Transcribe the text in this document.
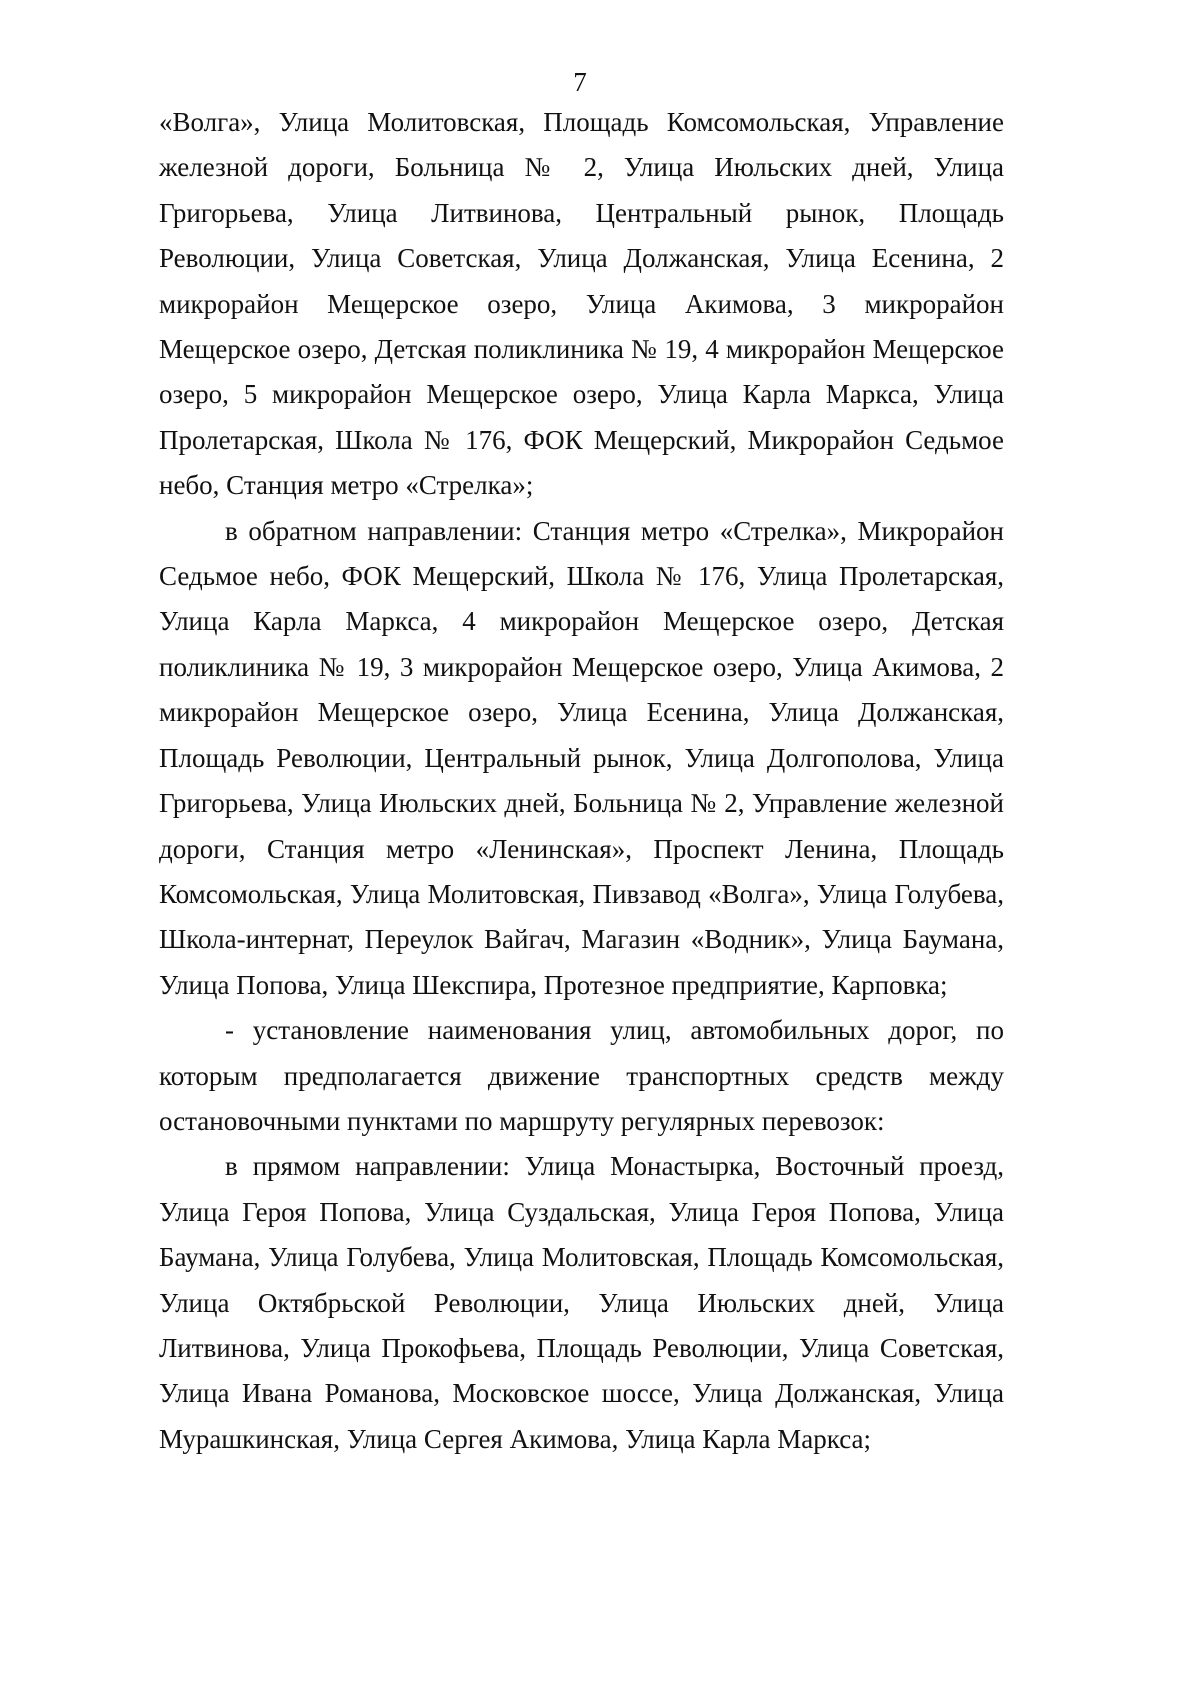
7

«Волга», Улица Молитовская, Площадь Комсомольская, Управление железной дороги, Больница № 2, Улица Июльских дней, Улица Григорьева, Улица Литвинова, Центральный рынок, Площадь Революции, Улица Советская, Улица Должанская, Улица Есенина, 2 микрорайон Мещерское озеро, Улица Акимова, 3 микрорайон Мещерское озеро, Детская поликлиника № 19, 4 микрорайон Мещерское озеро, 5 микрорайон Мещерское озеро, Улица Карла Маркса, Улица Пролетарская, Школа № 176, ФОК Мещерский, Микрорайон Седьмое небо, Станция метро «Стрелка»;

в обратном направлении: Станция метро «Стрелка», Микрорайон Седьмое небо, ФОК Мещерский, Школа № 176, Улица Пролетарская, Улица Карла Маркса, 4 микрорайон Мещерское озеро, Детская поликлиника № 19, 3 микрорайон Мещерское озеро, Улица Акимова, 2 микрорайон Мещерское озеро, Улица Есенина, Улица Должанская, Площадь Революции, Центральный рынок, Улица Долгополова, Улица Григорьева, Улица Июльских дней, Больница № 2, Управление железной дороги, Станция метро «Ленинская», Проспект Ленина, Площадь Комсомольская, Улица Молитовская, Пивзавод «Волга», Улица Голубева, Школа-интернат, Переулок Вайгач, Магазин «Водник», Улица Баумана, Улица Попова, Улица Шекспира, Протезное предприятие, Карповка;

- установление наименования улиц, автомобильных дорог, по которым предполагается движение транспортных средств между остановочными пунктами по маршруту регулярных перевозок:

в прямом направлении: Улица Монастырка, Восточный проезд, Улица Героя Попова, Улица Суздальская, Улица Героя Попова, Улица Баумана, Улица Голубева, Улица Молитовская, Площадь Комсомольская, Улица Октябрьской Революции, Улица Июльских дней, Улица Литвинова, Улица Прокофьева, Площадь Революции, Улица Советская, Улица Ивана Романова, Московское шоссе, Улица Должанская, Улица Мурашкинская, Улица Сергея Акимова, Улица Карла Маркса;
